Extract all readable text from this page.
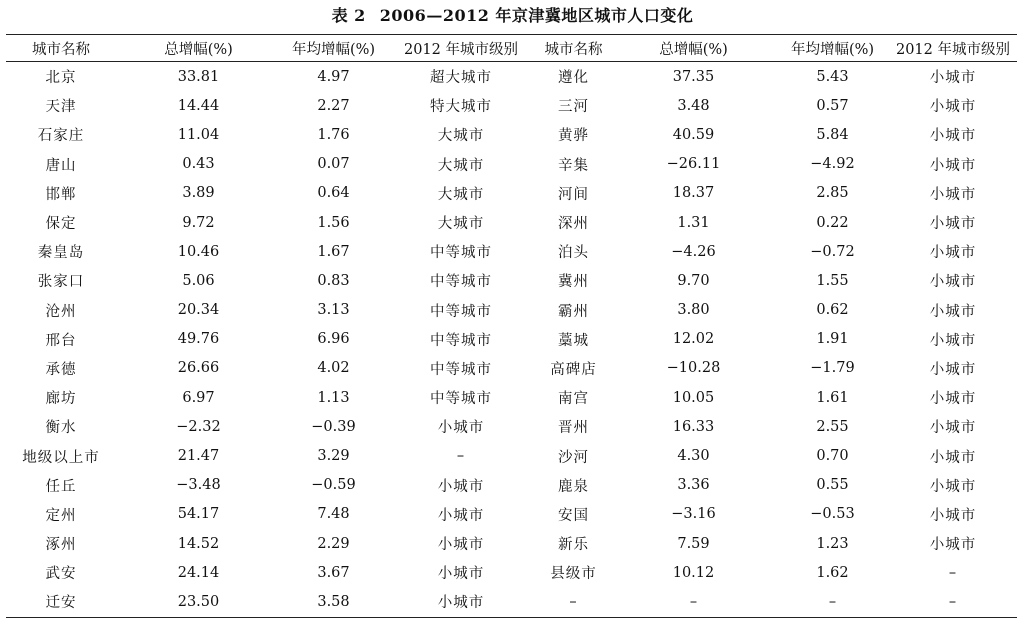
表 2 2006—2012 年京津冀地区城市人口变化
城市名称	总增幅(%)	年均增幅(%)	2012 年城市级别	城市名称	总增幅(%)	年均增幅(%)	2012 年城市级别
北京	33.81	4.97	超大城市	遵化	37.35	5.43	小城市
天津	14.44	2.27	特大城市	三河	3.48	0.57	小城市
石家庄	11.04	1.76	大城市	黄骅	40.59	5.84	小城市
唐山	0.43	0.07	大城市	辛集	−26.11	−4.92	小城市
邯郸	3.89	0.64	大城市	河间	18.37	2.85	小城市
保定	9.72	1.56	大城市	深州	1.31	0.22	小城市
秦皇岛	10.46	1.67	中等城市	泊头	−4.26	−0.72	小城市
张家口	5.06	0.83	中等城市	冀州	9.70	1.55	小城市
沧州	20.34	3.13	中等城市	霸州	3.80	0.62	小城市
邢台	49.76	6.96	中等城市	藁城	12.02	1.91	小城市
承德	26.66	4.02	中等城市	高碑店	−10.28	−1.79	小城市
廊坊	6.97	1.13	中等城市	南宫	10.05	1.61	小城市
衡水	−2.32	−0.39	小城市	晋州	16.33	2.55	小城市
地级以上市	21.47	3.29	–	沙河	4.30	0.70	小城市
任丘	−3.48	−0.59	小城市	鹿泉	3.36	0.55	小城市
定州	54.17	7.48	小城市	安国	−3.16	−0.53	小城市
涿州	14.52	2.29	小城市	新乐	7.59	1.23	小城市
武安	24.14	3.67	小城市	县级市	10.12	1.62	–
迁安	23.50	3.58	小城市	–	–	–	–
